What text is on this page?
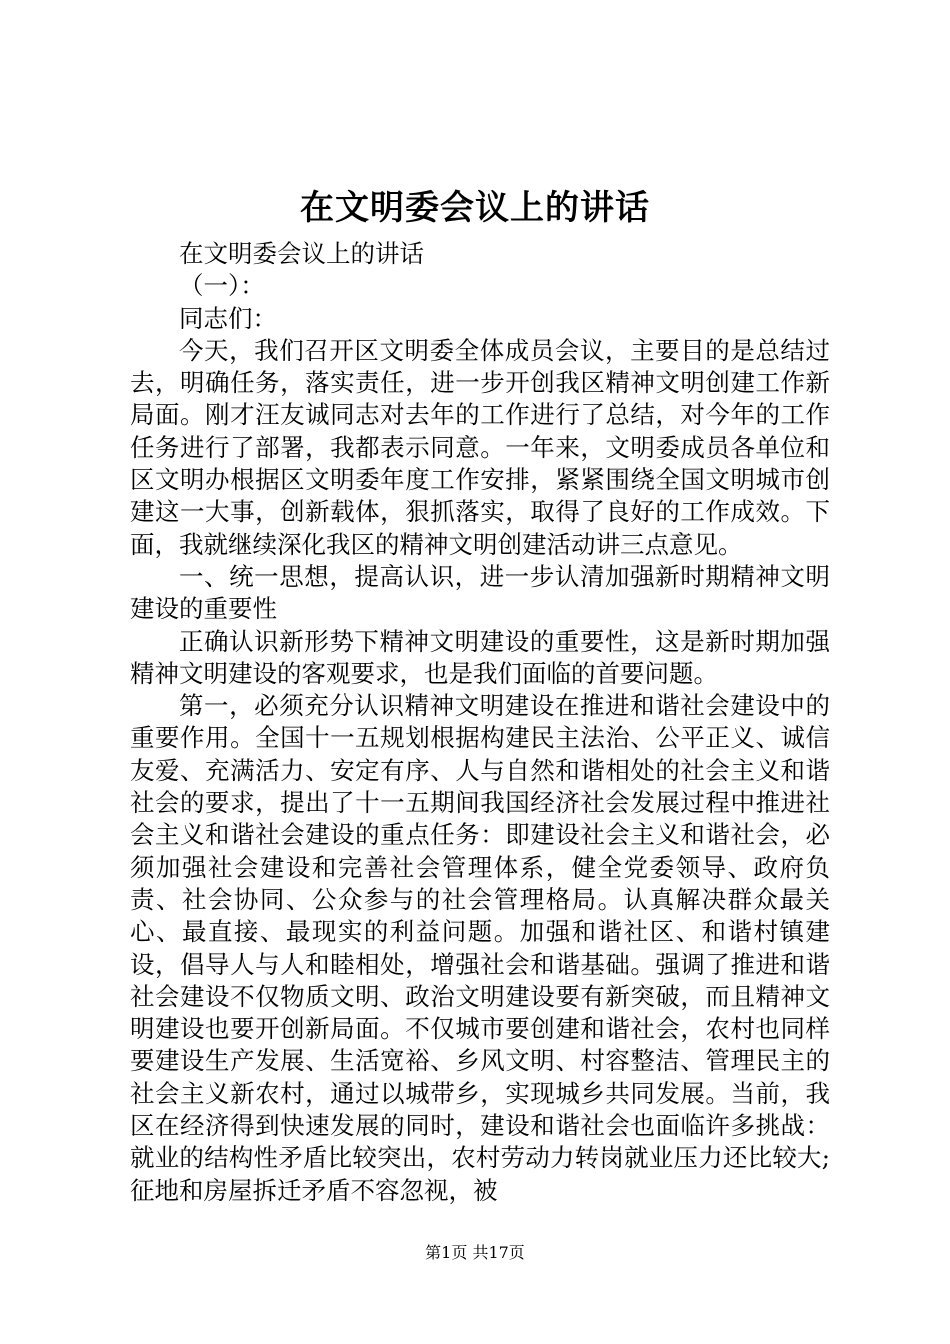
在文明委会议上的讲话

在文明委会议上的讲话

（一）：

同志们：

今天，我们召开区文明委全体成员会议，主要目的是总结过去，明确任务，落实责任，进一步开创我区精神文明创建工作新局面。刚才汪友诚同志对去年的工作进行了总结，对今年的工作任务进行了部署，我都表示同意。一年来，文明委成员各单位和区文明办根据区文明委年度工作安排，紧紧围绕全国文明城市创建这一大事，创新载体，狠抓落实，取得了良好的工作成效。下面，我就继续深化我区的精神文明创建活动讲三点意见。

一、统一思想，提高认识，进一步认清加强新时期精神文明建设的重要性

正确认识新形势下精神文明建设的重要性，这是新时期加强精神文明建设的客观要求，也是我们面临的首要问题。

第一，必须充分认识精神文明建设在推进和谐社会建设中的重要作用。全国十一五规划根据构建民主法治、公平正义、诚信友爱、充满活力、安定有序、人与自然和谐相处的社会主义和谐社会的要求，提出了十一五期间我国经济社会发展过程中推进社会主义和谐社会建设的重点任务：即建设社会主义和谐社会，必须加强社会建设和完善社会管理体系，健全党委领导、政府负责、社会协同、公众参与的社会管理格局。认真解决群众最关心、最直接、最现实的利益问题。加强和谐社区、和谐村镇建设，倡导人与人和睦相处，增强社会和谐基础。强调了推进和谐社会建设不仅物质文明、政治文明建设要有新突破，而且精神文明建设也要开创新局面。不仅城市要创建和谐社会，农村也同样要建设生产发展、生活宽裕、乡风文明、村容整洁、管理民主的社会主义新农村，通过以城带乡，实现城乡共同发展。当前，我区在经济得到快速发展的同时，建设和谐社会也面临许多挑战：就业的结构性矛盾比较突出，农村劳动力转岗就业压力还比较大;征地和房屋拆迁矛盾不容忽视，被

第1页 共17页
